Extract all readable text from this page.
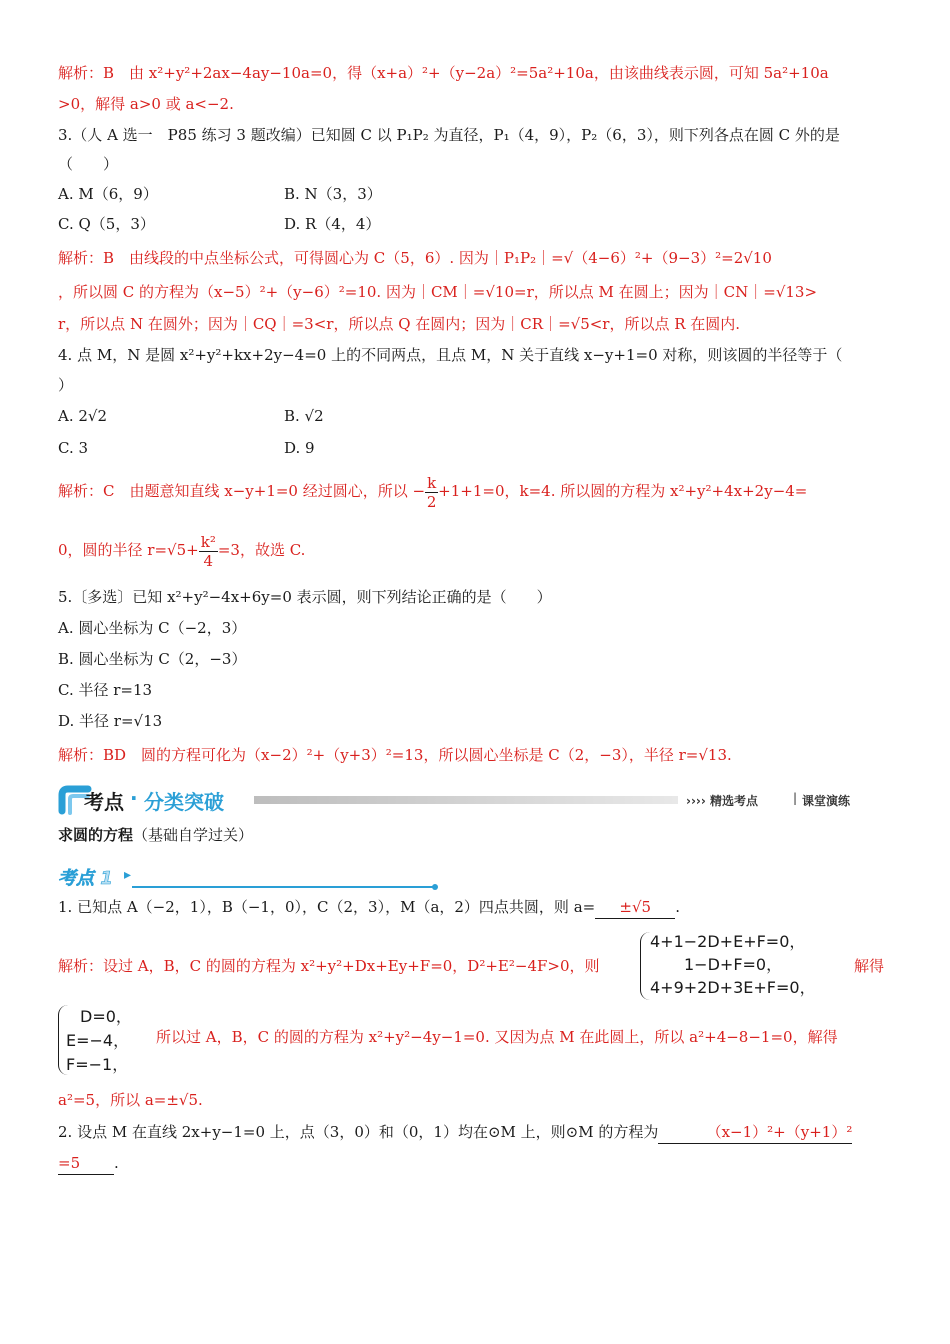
解析：B　由 x²+y²+2ax−4ay−10a=0，得（x+a）²+（y−2a）²=5a²+10a，由该曲线表示圆，可知 5a²+10a
>0，解得 a>0 或 a<−2.
3.（人 A 选一　P85 练习 3 题改编）已知圆 C 以 P₁P₂ 为直径，P₁（4，9），P₂（6，3），则下列各点在圆 C 外的是
（　　）
A. M（6，9）	B. N（3，3）
C. Q（5，3）	D. R（4，4）
解析：B　由线段的中点坐标公式，可得圆心为 C（5，6）. 因为｜P₁P₂｜=√（4−6）²+（9−3）²=2√10
，所以圆 C 的方程为（x−5）²+（y−6）²=10. 因为｜CM｜=√10=r，所以点 M 在圆上；因为｜CN｜=√13>
r，所以点 N 在圆外；因为｜CQ｜=3<r，所以点 Q 在圆内；因为｜CR｜=√5<r，所以点 R 在圆内.
4. 点 M，N 是圆 x²+y²+kx+2y−4=0 上的不同两点，且点 M，N 关于直线 x−y+1=0 对称，则该圆的半径等于（
）
A. 2√2	B. √2
C. 3	D. 9
解析：C　由题意知直线 x−y+1=0 经过圆心，所以 − $\frac{k}{2} +1+1=0$，k=4. 所以圆的方程为 x²+y²+4x+2y−4=
0，圆的半径 $r=√5+ \frac{\text{k²}}{4} =3$，故选 C.
5.〔多选〕已知 x²+y²−4x+6y=0 表示圆，则下列结论正确的是（　　）
A. 圆心坐标为 C（−2，3）
B. 圆心坐标为 C（2，−3）
C. 半径 r=13
D. 半径 r=√13
解析：BD　圆的方程可化为（x−2）²+（y+3）²=13，所以圆心坐标是 C（2，−3），半径 r=√13.
考点 · 分类突破	›››› 精选考点	| 课堂演练
求圆的方程（基础自学过关）
考点 1 ▸
1. 已知点 A（−2，1），B（−1，0），C（2，3），M（a，2）四点共圆，则 a= ±√5 .
解析：设过 A，B，C 的圆的方程为 x²+y²+Dx+Ey+F=0，D²+E²−4F>0，则
4+1−2D+E+F=0，
1−D+F=0，
4+9+2D+3E+F=0，
解得
D=0，
E=−4，
F=−1，
所以过 A，B，C 的圆的方程为 x²+y²−4y−1=0. 又因为点 M 在此圆上，所以 a²+4−8−1=0，解得
a²=5，所以 a=±√5.
2. 设点 M 在直线 2x+y−1=0 上，点（3，0）和（0，1）均在⊙M 上，则⊙M 的方程为	（x−1）²+（y+1）²
=5 .
